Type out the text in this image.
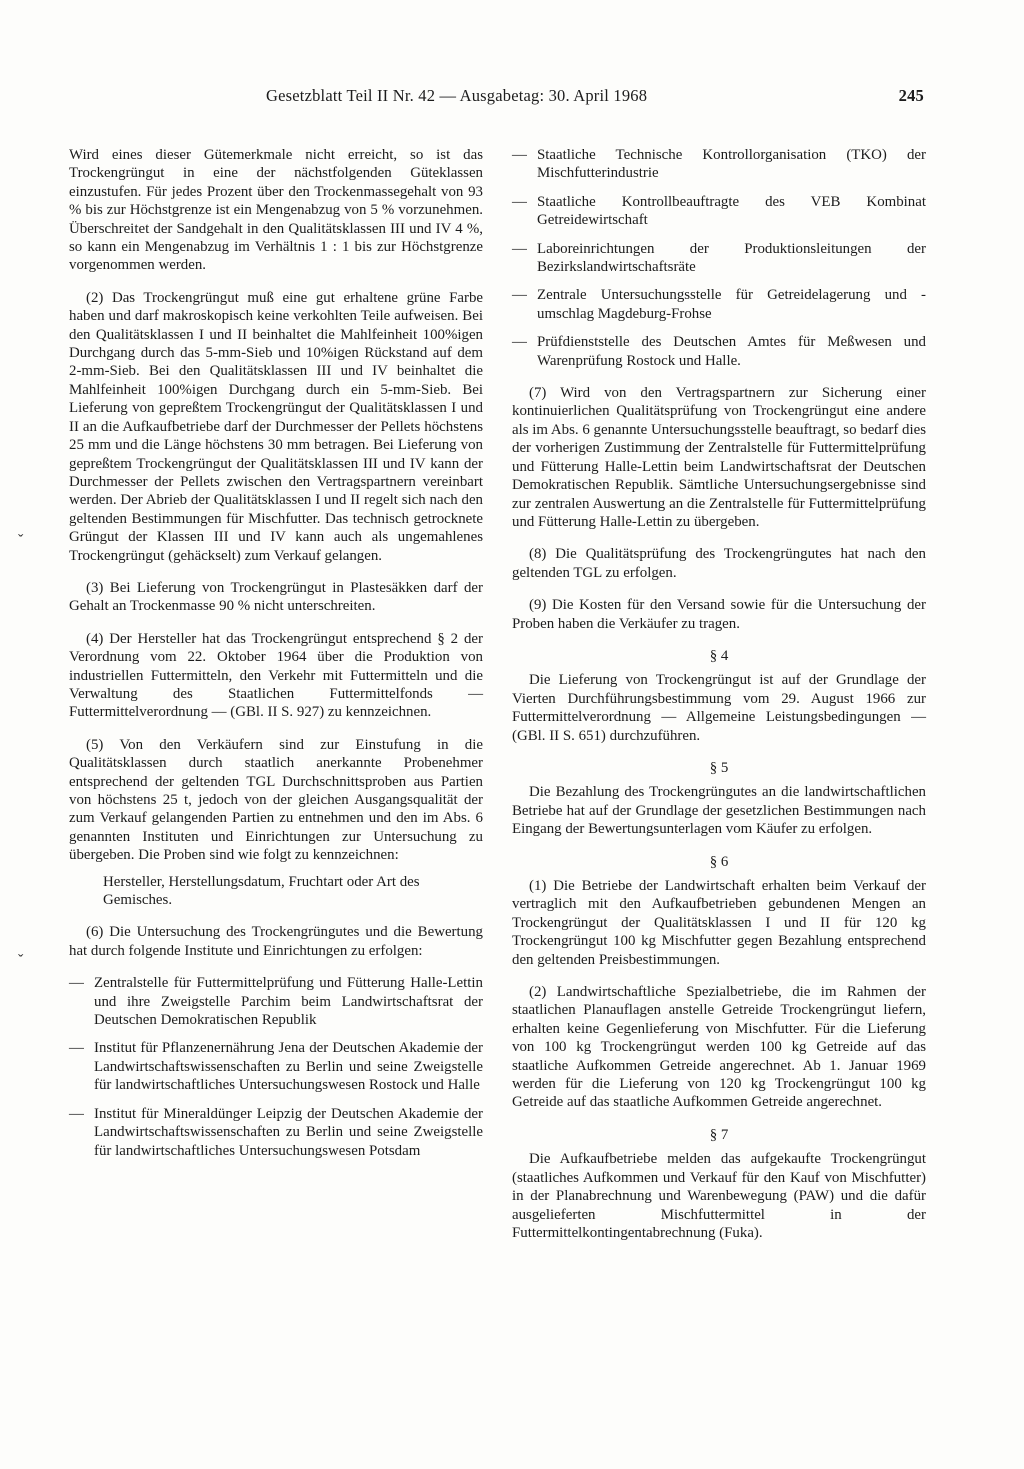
Gesetzblatt Teil II Nr. 42 — Ausgabetag: 30. April 1968	245
ˇ
ˇ

Wird eines dieser Gütemerkmale nicht erreicht, so ist das Trockengrüngut in eine der nächstfolgenden Güteklassen einzustufen. Für jedes Prozent über den Trockenmassegehalt von 93 % bis zur Höchstgrenze ist ein Mengenabzug von 5 % vorzunehmen. Überschreitet der Sandgehalt in den Qualitätsklassen III und IV 4 %, so kann ein Mengenabzug im Verhältnis 1 : 1 bis zur Höchstgrenze vorgenommen werden.

(2) Das Trockengrüngut muß eine gut erhaltene grüne Farbe haben und darf makroskopisch keine verkohlten Teile aufweisen. Bei den Qualitätsklassen I und II beinhaltet die Mahlfeinheit 100%igen Durchgang durch das 5-mm-Sieb und 10%igen Rückstand auf dem 2-mm-Sieb. Bei den Qualitätsklassen III und IV beinhaltet die Mahlfeinheit 100%igen Durchgang durch ein 5-mm-Sieb. Bei Lieferung von gepreßtem Trockengrüngut der Qualitätsklassen I und II an die Aufkaufbetriebe darf der Durchmesser der Pellets höchstens 25 mm und die Länge höchstens 30 mm betragen. Bei Lieferung von gepreßtem Trockengrüngut der Qualitätsklassen III und IV kann der Durchmesser der Pellets zwischen den Vertragspartnern vereinbart werden. Der Abrieb der Qualitätsklassen I und II regelt sich nach den geltenden Bestimmungen für Mischfutter. Das technisch getrocknete Grüngut der Klassen III und IV kann auch als ungemahlenes Trockengrüngut (gehäckselt) zum Verkauf gelangen.

(3) Bei Lieferung von Trockengrüngut in Plastesäkken darf der Gehalt an Trockenmasse 90 % nicht unterschreiten.

(4) Der Hersteller hat das Trockengrüngut entsprechend § 2 der Verordnung vom 22. Oktober 1964 über die Produktion von industriellen Futtermitteln, den Verkehr mit Futtermitteln und die Verwaltung des Staatlichen Futtermittelfonds — Futtermittelverordnung — (GBl. II S. 927) zu kennzeichnen.

(5) Von den Verkäufern sind zur Einstufung in die Qualitätsklassen durch staatlich anerkannte Probenehmer entsprechend der geltenden TGL Durchschnittsproben aus Partien von höchstens 25 t, jedoch von der gleichen Ausgangsqualität der zum Verkauf gelangenden Partien zu entnehmen und den im Abs. 6 genannten Instituten und Einrichtungen zur Untersuchung zu übergeben. Die Proben sind wie folgt zu kennzeichnen:

Hersteller, Herstellungsdatum, Fruchtart oder Art des Gemisches.

(6) Die Untersuchung des Trockengrüngutes und die Bewertung hat durch folgende Institute und Einrichtungen zu erfolgen:

— Zentralstelle für Futtermittelprüfung und Fütterung Halle-Lettin und ihre Zweigstelle Parchim beim Landwirtschaftsrat der Deutschen Demokratischen Republik
— Institut für Pflanzenernährung Jena der Deutschen Akademie der Landwirtschaftswissenschaften zu Berlin und seine Zweigstelle für landwirtschaftliches Untersuchungswesen Rostock und Halle
— Institut für Mineraldünger Leipzig der Deutschen Akademie der Landwirtschaftswissenschaften zu Berlin und seine Zweigstelle für landwirtschaftliches Untersuchungswesen Potsdam
— Staatliche Technische Kontrollorganisation (TKO) der Mischfutterindustrie
— Staatliche Kontrollbeauftragte des VEB Kombinat Getreidewirtschaft
— Laboreinrichtungen der Produktionsleitungen der Bezirkslandwirtschaftsräte
— Zentrale Untersuchungsstelle für Getreidelagerung und -umschlag Magdeburg-Frohse
— Prüfdienststelle des Deutschen Amtes für Meßwesen und Warenprüfung Rostock und Halle.

(7) Wird von den Vertragspartnern zur Sicherung einer kontinuierlichen Qualitätsprüfung von Trockengrüngut eine andere als im Abs. 6 genannte Untersuchungsstelle beauftragt, so bedarf dies der vorherigen Zustimmung der Zentralstelle für Futtermittelprüfung und Fütterung Halle-Lettin beim Landwirtschaftsrat der Deutschen Demokratischen Republik. Sämtliche Untersuchungsergebnisse sind zur zentralen Auswertung an die Zentralstelle für Futtermittelprüfung und Fütterung Halle-Lettin zu übergeben.

(8) Die Qualitätsprüfung des Trockengrüngutes hat nach den geltenden TGL zu erfolgen.

(9) Die Kosten für den Versand sowie für die Untersuchung der Proben haben die Verkäufer zu tragen.

§ 4

Die Lieferung von Trockengrüngut ist auf der Grundlage der Vierten Durchführungsbestimmung vom 29. August 1966 zur Futtermittelverordnung — Allgemeine Leistungsbedingungen — (GBl. II S. 651) durchzuführen.

§ 5

Die Bezahlung des Trockengrüngutes an die landwirtschaftlichen Betriebe hat auf der Grundlage der gesetzlichen Bestimmungen nach Eingang der Bewertungsunterlagen vom Käufer zu erfolgen.

§ 6

(1) Die Betriebe der Landwirtschaft erhalten beim Verkauf der vertraglich mit den Aufkaufbetrieben gebundenen Mengen an Trockengrüngut der Qualitätsklassen I und II für 120 kg Trockengrüngut 100 kg Mischfutter gegen Bezahlung entsprechend den geltenden Preisbestimmungen.

(2) Landwirtschaftliche Spezialbetriebe, die im Rahmen der staatlichen Planauflagen anstelle Getreide Trockengrüngut liefern, erhalten keine Gegenlieferung von Mischfutter. Für die Lieferung von 100 kg Trockengrüngut werden 100 kg Getreide auf das staatliche Aufkommen Getreide angerechnet. Ab 1. Januar 1969 werden für die Lieferung von 120 kg Trockengrüngut 100 kg Getreide auf das staatliche Aufkommen Getreide angerechnet.

§ 7

Die Aufkaufbetriebe melden das aufgekaufte Trockengrüngut (staatliches Aufkommen und Verkauf für den Kauf von Mischfutter) in der Planabrechnung und Warenbewegung (PAW) und die dafür ausgelieferten Mischfuttermittel in der Futtermittelkontingentabrechnung (Fuka).
